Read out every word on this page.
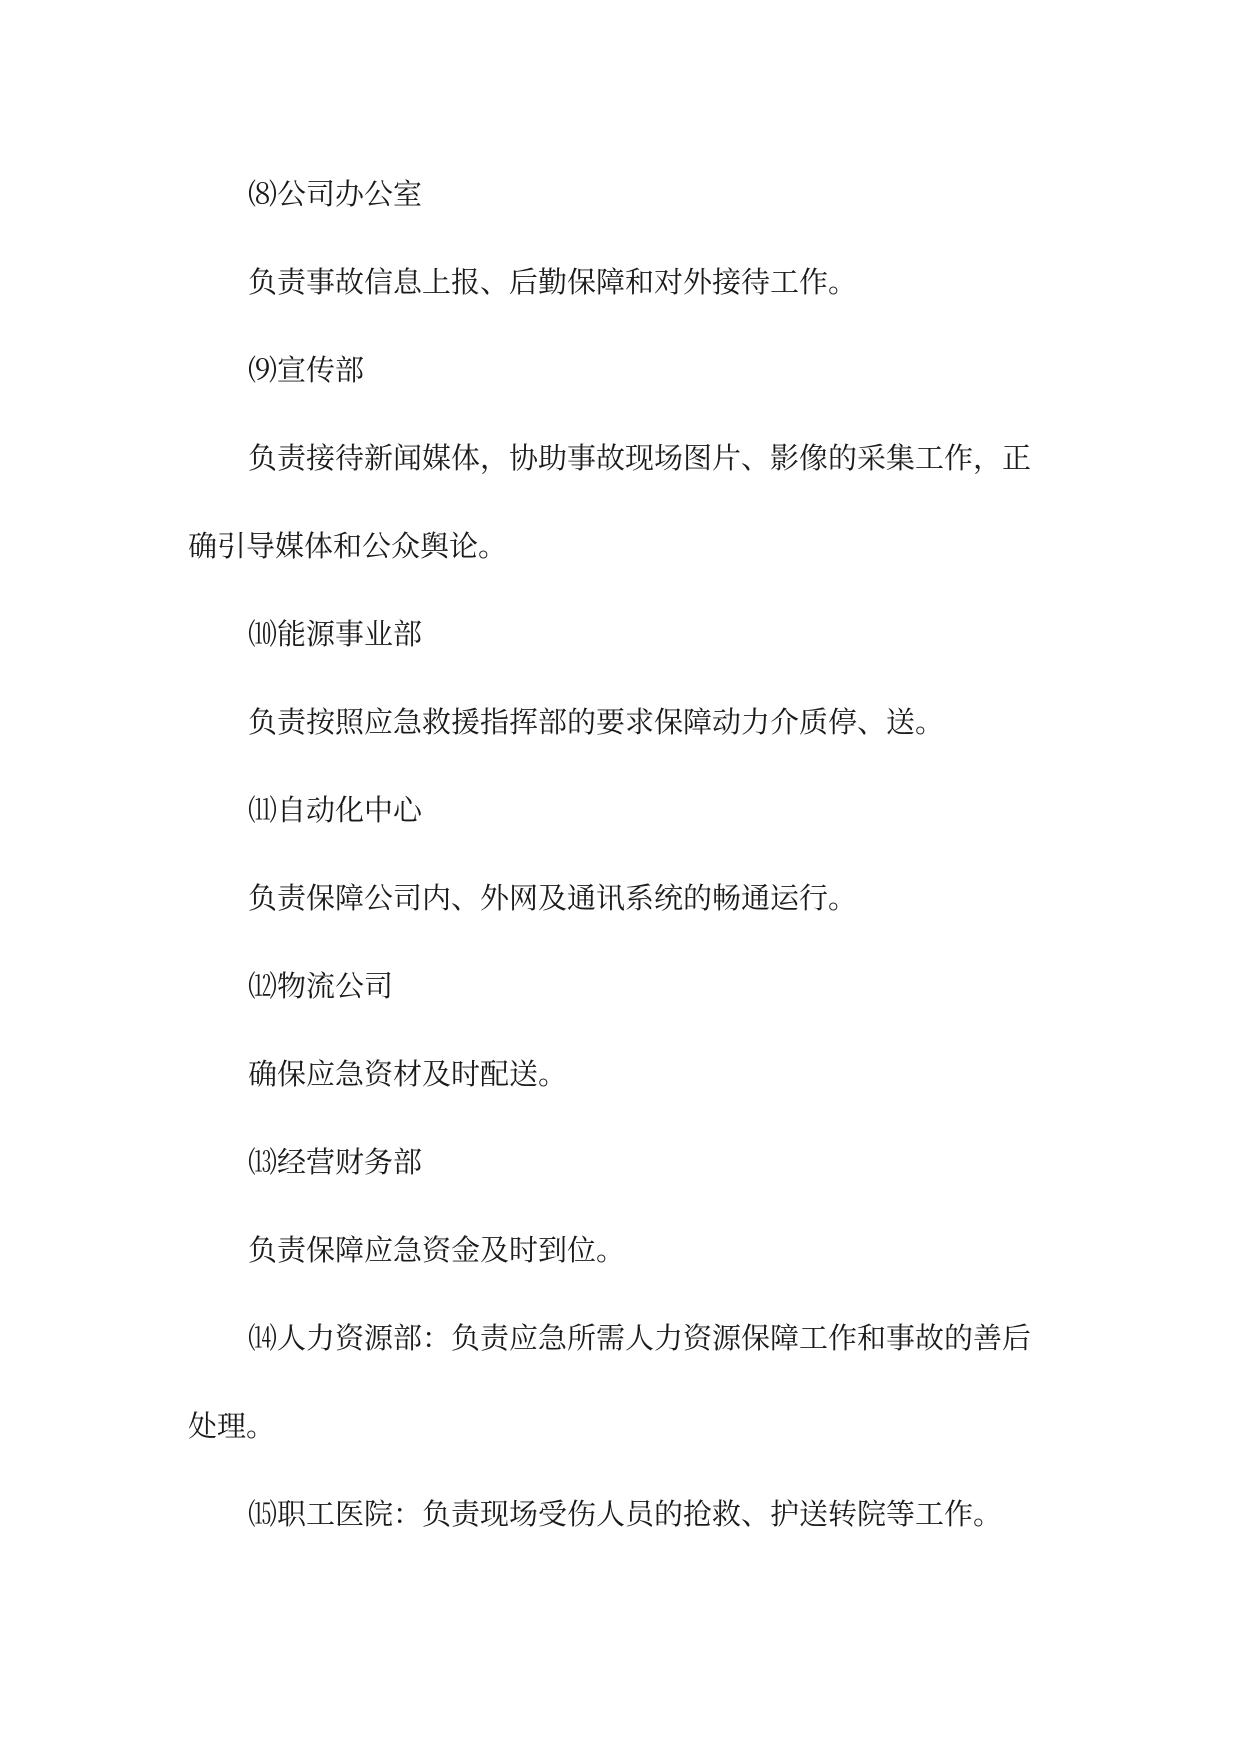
⑻公司办公室

负责事故信息上报、后勤保障和对外接待工作。

⑼宣传部

负责接待新闻媒体，协助事故现场图片、影像的采集工作，正确引导媒体和公众舆论。

⑽能源事业部

负责按照应急救援指挥部的要求保障动力介质停、送。

⑾自动化中心

负责保障公司内、外网及通讯系统的畅通运行。

⑿物流公司

确保应急资材及时配送。

⒀经营财务部

负责保障应急资金及时到位。

⒁人力资源部：负责应急所需人力资源保障工作和事故的善后处理。

⒂职工医院：负责现场受伤人员的抢救、护送转院等工作。
